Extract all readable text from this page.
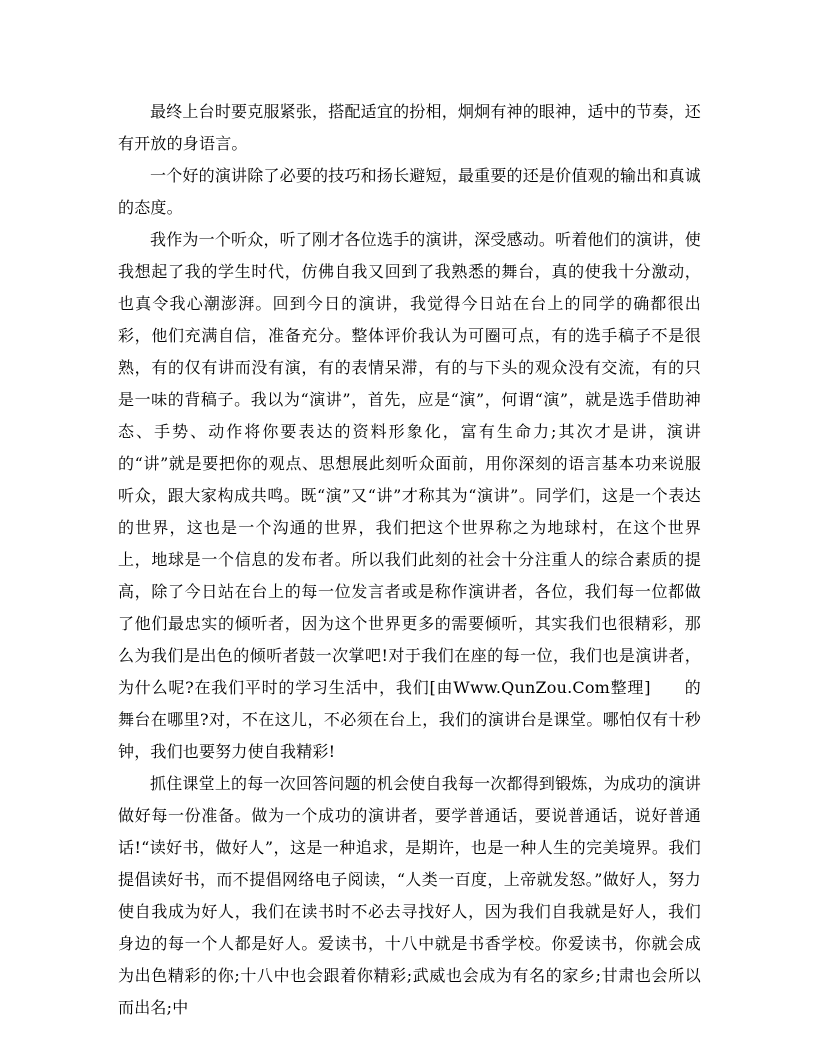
最终上台时要克服紧张，搭配适宜的扮相，炯炯有神的眼神，适中的节奏，还有开放的身语言。

一个好的演讲除了必要的技巧和扬长避短，最重要的还是价值观的输出和真诚的态度。

我作为一个听众，听了刚才各位选手的演讲，深受感动。听着他们的演讲，使我想起了我的学生时代，仿佛自我又回到了我熟悉的舞台，真的使我十分激动，也真令我心潮澎湃。回到今日的演讲，我觉得今日站在台上的同学的确都很出彩，他们充满自信，准备充分。整体评价我认为可圈可点，有的选手稿子不是很熟，有的仅有讲而没有演，有的表情呆滞，有的与下头的观众没有交流，有的只是一味的背稿子。我以为“演讲”，首先，应是“演”，何谓“演”，就是选手借助神态、手势、动作将你要表达的资料形象化，富有生命力;其次才是讲，演讲的“讲”就是要把你的观点、思想展此刻听众面前，用你深刻的语言基本功来说服听众，跟大家构成共鸣。既“演”又“讲”才称其为“演讲”。同学们，这是一个表达的世界，这也是一个沟通的世界，我们把这个世界称之为地球村，在这个世界上，地球是一个信息的发布者。所以我们此刻的社会十分注重人的综合素质的提高，除了今日站在台上的每一位发言者或是称作演讲者，各位，我们每一位都做了他们最忠实的倾听者，因为这个世界更多的需要倾听，其实我们也很精彩，那么为我们是出色的倾听者鼓一次掌吧!对于我们在座的每一位，我们也是演讲者，为什么呢?在我们平时的学习生活中，我们[由Www.QunZou.Com整理]　　的舞台在哪里?对，不在这儿，不必须在台上，我们的演讲台是课堂。哪怕仅有十秒钟，我们也要努力使自我精彩!

抓住课堂上的每一次回答问题的机会使自我每一次都得到锻炼，为成功的演讲做好每一份准备。做为一个成功的演讲者，要学普通话，要说普通话，说好普通话!“读好书，做好人”，这是一种追求，是期许，也是一种人生的完美境界。我们提倡读好书，而不提倡网络电子阅读，“人类一百度，上帝就发怒。”做好人，努力使自我成为好人，我们在读书时不必去寻找好人，因为我们自我就是好人，我们身边的每一个人都是好人。爱读书，十八中就是书香学校。你爱读书，你就会成为出色精彩的你;十八中也会跟着你精彩;武威也会成为有名的家乡;甘肃也会所以而出名;中
